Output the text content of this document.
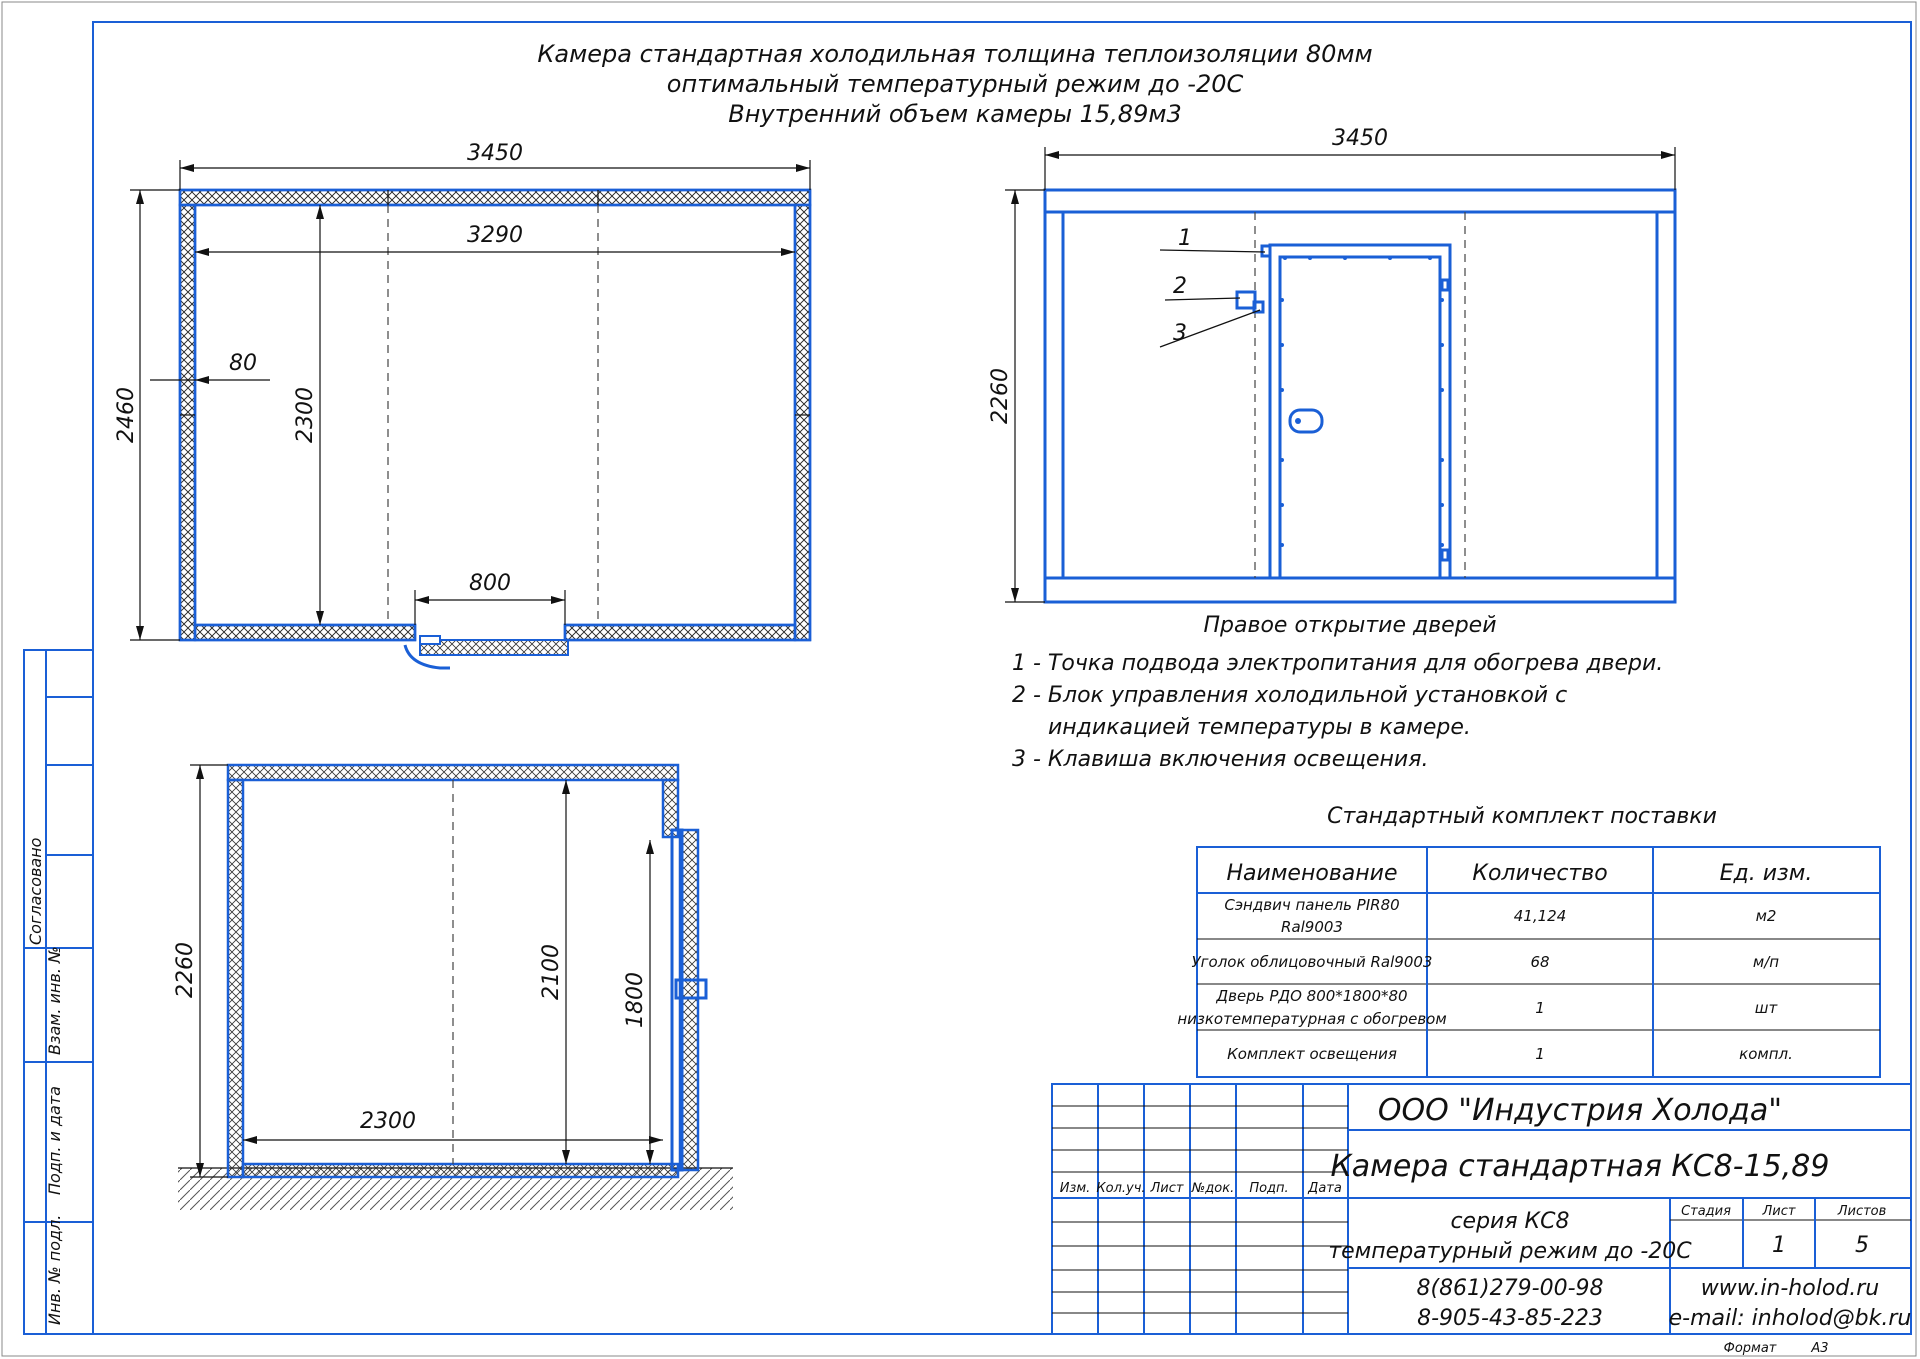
Согласовано
Взам. инв. №
Подп. и дата
Инв. № подл.
Камера стандартная холодильная толщина теплоизоляции 80мм
оптимальный температурный режим до -20С
Внутренний объем камеры 15,89м3
3450
3290
2460	2300
80
800
1
2
3
3450
2260
Правое открытие дверей
1 - Точка подвода электропитания для обогрева двери.
2 - Блок управления холодильной установкой с
индикацией температуры в камере.
3 - Клавиша включения освещения.
2260	2100	1800
2300
Стандартный комплект поставки
Наименование	Количество	Ед. изм.
Сэндвич панель PIR80
Ral9003
41,124	м2
Уголок облицовочный Ral9003	68	м/п
Дверь РДО 800*1800*80
низкотемпературная с обогревом
1	шт
Комплект освещения	1	компл.
Изм. Кол.уч. Лист №док. Подп. Дата
ООО "Индустрия Холода"
Камера стандартная КС8-15,89
серия КС8
температурный режим до -20С
Стадия Лист	Листов
1	5
8(861)279-00-98
8-905-43-85-223
www.in-holod.ru
e-mail: inholod@bk.ru
Формат	А3
